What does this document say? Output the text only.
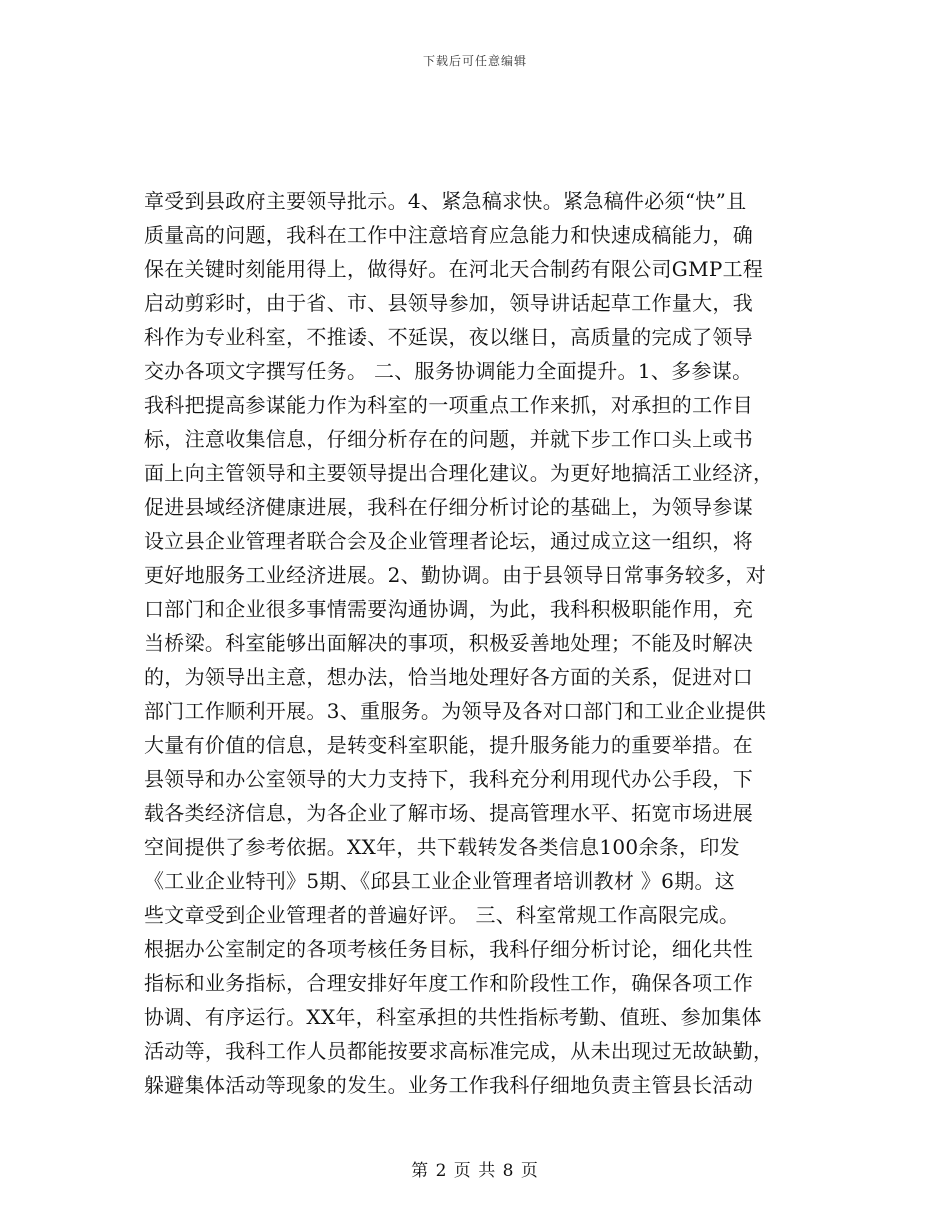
下载后可任意编辑
章受到县政府主要领导批示。4、紧急稿求快。紧急稿件必须“快”且
质量高的问题，我科在工作中注意培育应急能力和快速成稿能力，确
保在关键时刻能用得上，做得好。在河北天合制药有限公司GMP工程
启动剪彩时，由于省、市、县领导参加，领导讲话起草工作量大，我
科作为专业科室，不推诿、不延误，夜以继日，高质量的完成了领导
交办各项文字撰写任务。 二、服务协调能力全面提升。1、多参谋。
我科把提高参谋能力作为科室的一项重点工作来抓，对承担的工作目
标，注意收集信息，仔细分析存在的问题，并就下步工作口头上或书
面上向主管领导和主要领导提出合理化建议。为更好地搞活工业经济，
促进县域经济健康进展，我科在仔细分析讨论的基础上，为领导参谋
设立县企业管理者联合会及企业管理者论坛，通过成立这一组织，将
更好地服务工业经济进展。2、勤协调。由于县领导日常事务较多，对
口部门和企业很多事情需要沟通协调，为此，我科积极职能作用，充
当桥梁。科室能够出面解决的事项，积极妥善地处理；不能及时解决
的，为领导出主意，想办法，恰当地处理好各方面的关系，促进对口
部门工作顺利开展。3、重服务。为领导及各对口部门和工业企业提供
大量有价值的信息，是转变科室职能，提升服务能力的重要举措。在
县领导和办公室领导的大力支持下，我科充分利用现代办公手段，下
载各类经济信息，为各企业了解市场、提高管理水平、拓宽市场进展
空间提供了参考依据。XX年，共下载转发各类信息100余条，印发
《工业企业特刊》5期、《邱县工业企业管理者培训教材 》6期。这
些文章受到企业管理者的普遍好评。 三、科室常规工作高限完成。
根据办公室制定的各项考核任务目标，我科仔细分析讨论，细化共性
指标和业务指标，合理安排好年度工作和阶段性工作，确保各项工作
协调、有序运行。XX年，科室承担的共性指标考勤、值班、参加集体
活动等，我科工作人员都能按要求高标准完成，从未出现过无故缺勤，
躲避集体活动等现象的发生。业务工作我科仔细地负责主管县长活动
第 2 页 共 8 页
